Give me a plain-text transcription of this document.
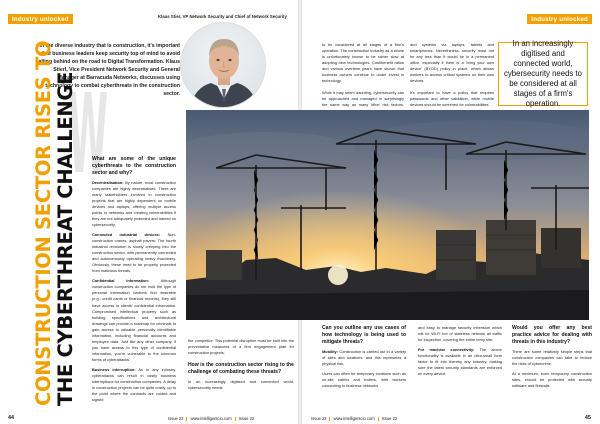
Industry unlocked	Klaus Stier, VP Network Security and Chief of Network Security
In the diverse industry that is construction, it's important that business leaders keep security top of mind to avoid falling behind on the road to Digital Transformation. Klaus Stierl, Vice President Network Security and General Manager at Barracuda Networks, discusses using technology to combat cyberthreats in the construction sector.
W
CONSTRUCTION SECTOR RISES TO
THE CYBERTHREAT CHALLENGE	What are some of the unique cyberthreats to the construction sector and why?

Decentralisation: By nature, most construction companies are highly decentralised. There are many stakeholders involved in construction projects that are highly dependent on mobile devices and laptops, offering multiple access points to networks and creating vulnerabilities if they are not adequately protected and trained on cybersecurity.

Connected industrial devices: Non-construction cranes, asphalt pavers: The fourth industrial revolution is slowly creeping into the construction sector, with permanently connected and autonomously operating heavy machinery. Obviously, these need to be properly protected from malicious threats.

Confidential information: Although construction companies do not hold the type of personal information hackers find desirable (e.g., credit cards or financial records), they still have access to clients' confidential information. Compromised intellectual property such as building specifications and architectural drawings can provide a roadmap for criminals to gain access to valuable personally identifiable information, including financial accounts and employee data. Just like any other company, if you have access to this type of confidential information, you're vulnerable to the common forms of cyberattacks.

Business interruption: As in any industry, cyberattacks can result in costly business interruptions for construction companies. A delay in construction projects can be quite costly, up to the point where the contracts are voided and signed

the competitor. This potential disruption must be built into the preventative measures of a firm engagement plan for construction projects.

How is the construction sector rising to the challenge of combating these threats?

In an increasingly digitised and connected world, cybersecurity needs

44	Issue 22 www.intelligentcio.com Issue 22
Industry unlocked

to be considered at all stages of a firm's operation. The construction industry as a whole is unfortunately known to be rather slow at adopting new technologies. Cost/benefit ratios and various overtime years have shown that business owners continue to under invest in technology.

While it may seem daunting, cybersecurity can be approached and managed in surprisingly the same way as many other risk factors.

and systems via laptops, tablets and smartphones. Nevertheless, security must not be any less than it would be in a permanent office, especially if there is a 'bring your own device' (BYOD) policy in place, which allows workers to access critical systems on their own devices.

It's important to have a policy that requires passwords and other validation, while mobile devices should be screened for vulnerabilities.

In an increasingly digitised and connected world, cybersecurity needs to be considered at all stages of a firm's operation.
Can you outline any use cases of how technology is being used to mitigate threats?

Mobility: Construction is carried out in a variety of sites and locations, and this represents a physical risk.

Users can often be temporary locations such as on-site cabins and trailers, with workers connecting to business networks

and easy to manage security extension which will be Wi-Fi hot of stateless network all traffic for inspection, covering the entire temp site.

For machine connectivity: The above functionality is available in an ultra-small form factor to fit into thereby any industry, making sure the latest security standards are enforced on every device.

Would you offer any best practice advice for dealing with threats in this industry?

There are some relatively simple steps that construction companies can take to reduce the risks of cybercrime.

At a minimum, even temporary construction sites, should be protected with security software and firewalls.

Issue 22 www.intelligentcio.com Issue 22	45
